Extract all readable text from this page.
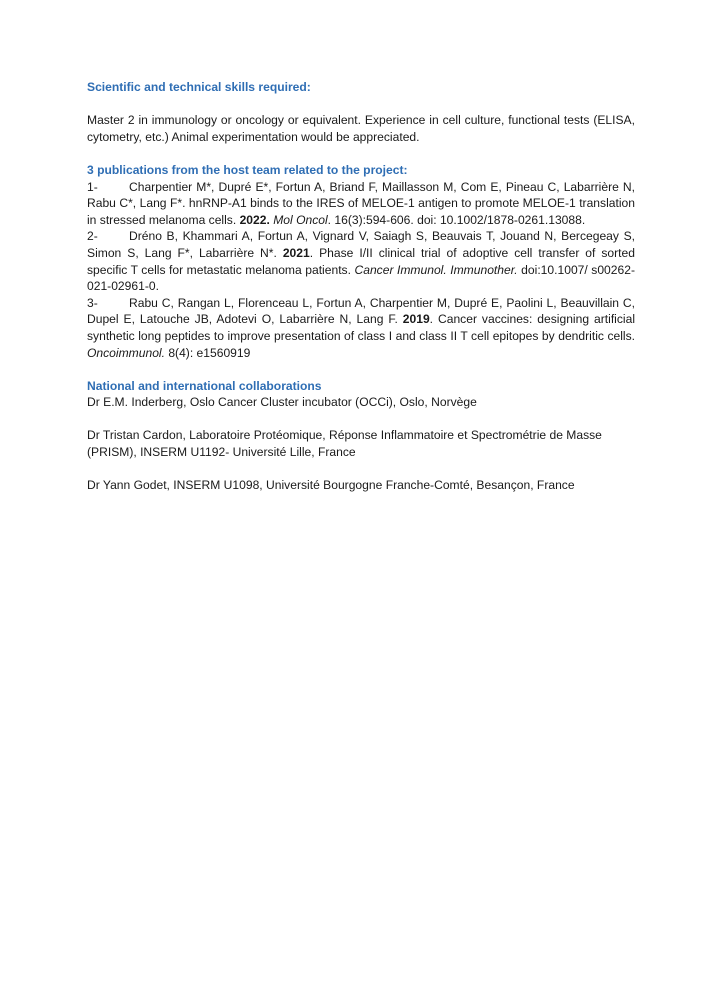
Scientific and technical skills required:

Master 2 in immunology or oncology or equivalent. Experience in cell culture, functional tests (ELISA, cytometry, etc.) Animal experimentation would be appreciated.

3 publications from the host team related to the project:

1-	Charpentier M*, Dupré E*, Fortun A, Briand F, Maillasson M, Com E, Pineau C, Labarrière N, Rabu C*, Lang F*. hnRNP-A1 binds to the IRES of MELOE-1 antigen to promote MELOE-1 translation in stressed melanoma cells. 2022. Mol Oncol. 16(3):594-606. doi: 10.1002/1878-0261.13088.

2-	Dréno B, Khammari A, Fortun A, Vignard V, Saiagh S, Beauvais T, Jouand N, Bercegeay S, Simon S, Lang F*, Labarrière N*. 2021. Phase I/II clinical trial of adoptive cell transfer of sorted specific T cells for metastatic melanoma patients. Cancer Immunol. Immunother. doi:10.1007/ s00262-021-02961-0.

3-	Rabu C, Rangan L, Florenceau L, Fortun A, Charpentier M, Dupré E, Paolini L, Beauvillain C, Dupel E, Latouche JB, Adotevi O, Labarrière N, Lang F. 2019. Cancer vaccines: designing artificial synthetic long peptides to improve presentation of class I and class II T cell epitopes by dendritic cells. Oncoimmunol. 8(4): e1560919

National and international collaborations

Dr E.M. Inderberg, Oslo Cancer Cluster incubator (OCCi), Oslo, Norvège

Dr Tristan Cardon, Laboratoire Protéomique, Réponse Inflammatoire et Spectrométrie de Masse (PRISM), INSERM U1192- Université Lille, France

Dr Yann Godet, INSERM U1098, Université Bourgogne Franche-Comté, Besançon, France
